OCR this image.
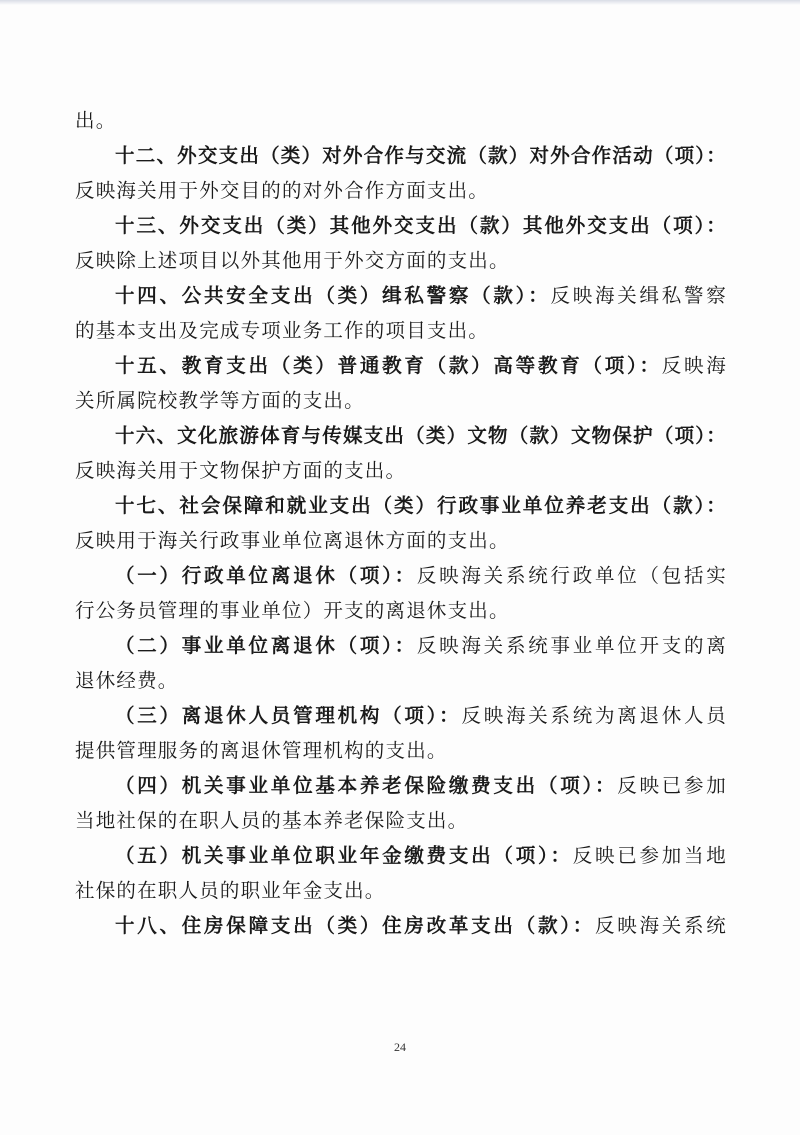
出。
十二、外交支出（类）对外合作与交流（款）对外合作活动（项）：
反映海关用于外交目的的对外合作方面支出。
十三、外交支出（类）其他外交支出（款）其他外交支出（项）：
反映除上述项目以外其他用于外交方面的支出。
十四、公共安全支出（类）缉私警察（款）：反映海关缉私警察
的基本支出及完成专项业务工作的项目支出。
十五、教育支出（类）普通教育（款）高等教育（项）：反映海
关所属院校教学等方面的支出。
十六、文化旅游体育与传媒支出（类）文物（款）文物保护（项）：
反映海关用于文物保护方面的支出。
十七、社会保障和就业支出（类）行政事业单位养老支出（款）：
反映用于海关行政事业单位离退休方面的支出。
（一）行政单位离退休（项）：反映海关系统行政单位（包括实
行公务员管理的事业单位）开支的离退休支出。
（二）事业单位离退休（项）：反映海关系统事业单位开支的离
退休经费。
（三）离退休人员管理机构（项）：反映海关系统为离退休人员
提供管理服务的离退休管理机构的支出。
（四）机关事业单位基本养老保险缴费支出（项）：反映已参加
当地社保的在职人员的基本养老保险支出。
（五）机关事业单位职业年金缴费支出（项）：反映已参加当地
社保的在职人员的职业年金支出。
十八、住房保障支出（类）住房改革支出（款）：反映海关系统
24
